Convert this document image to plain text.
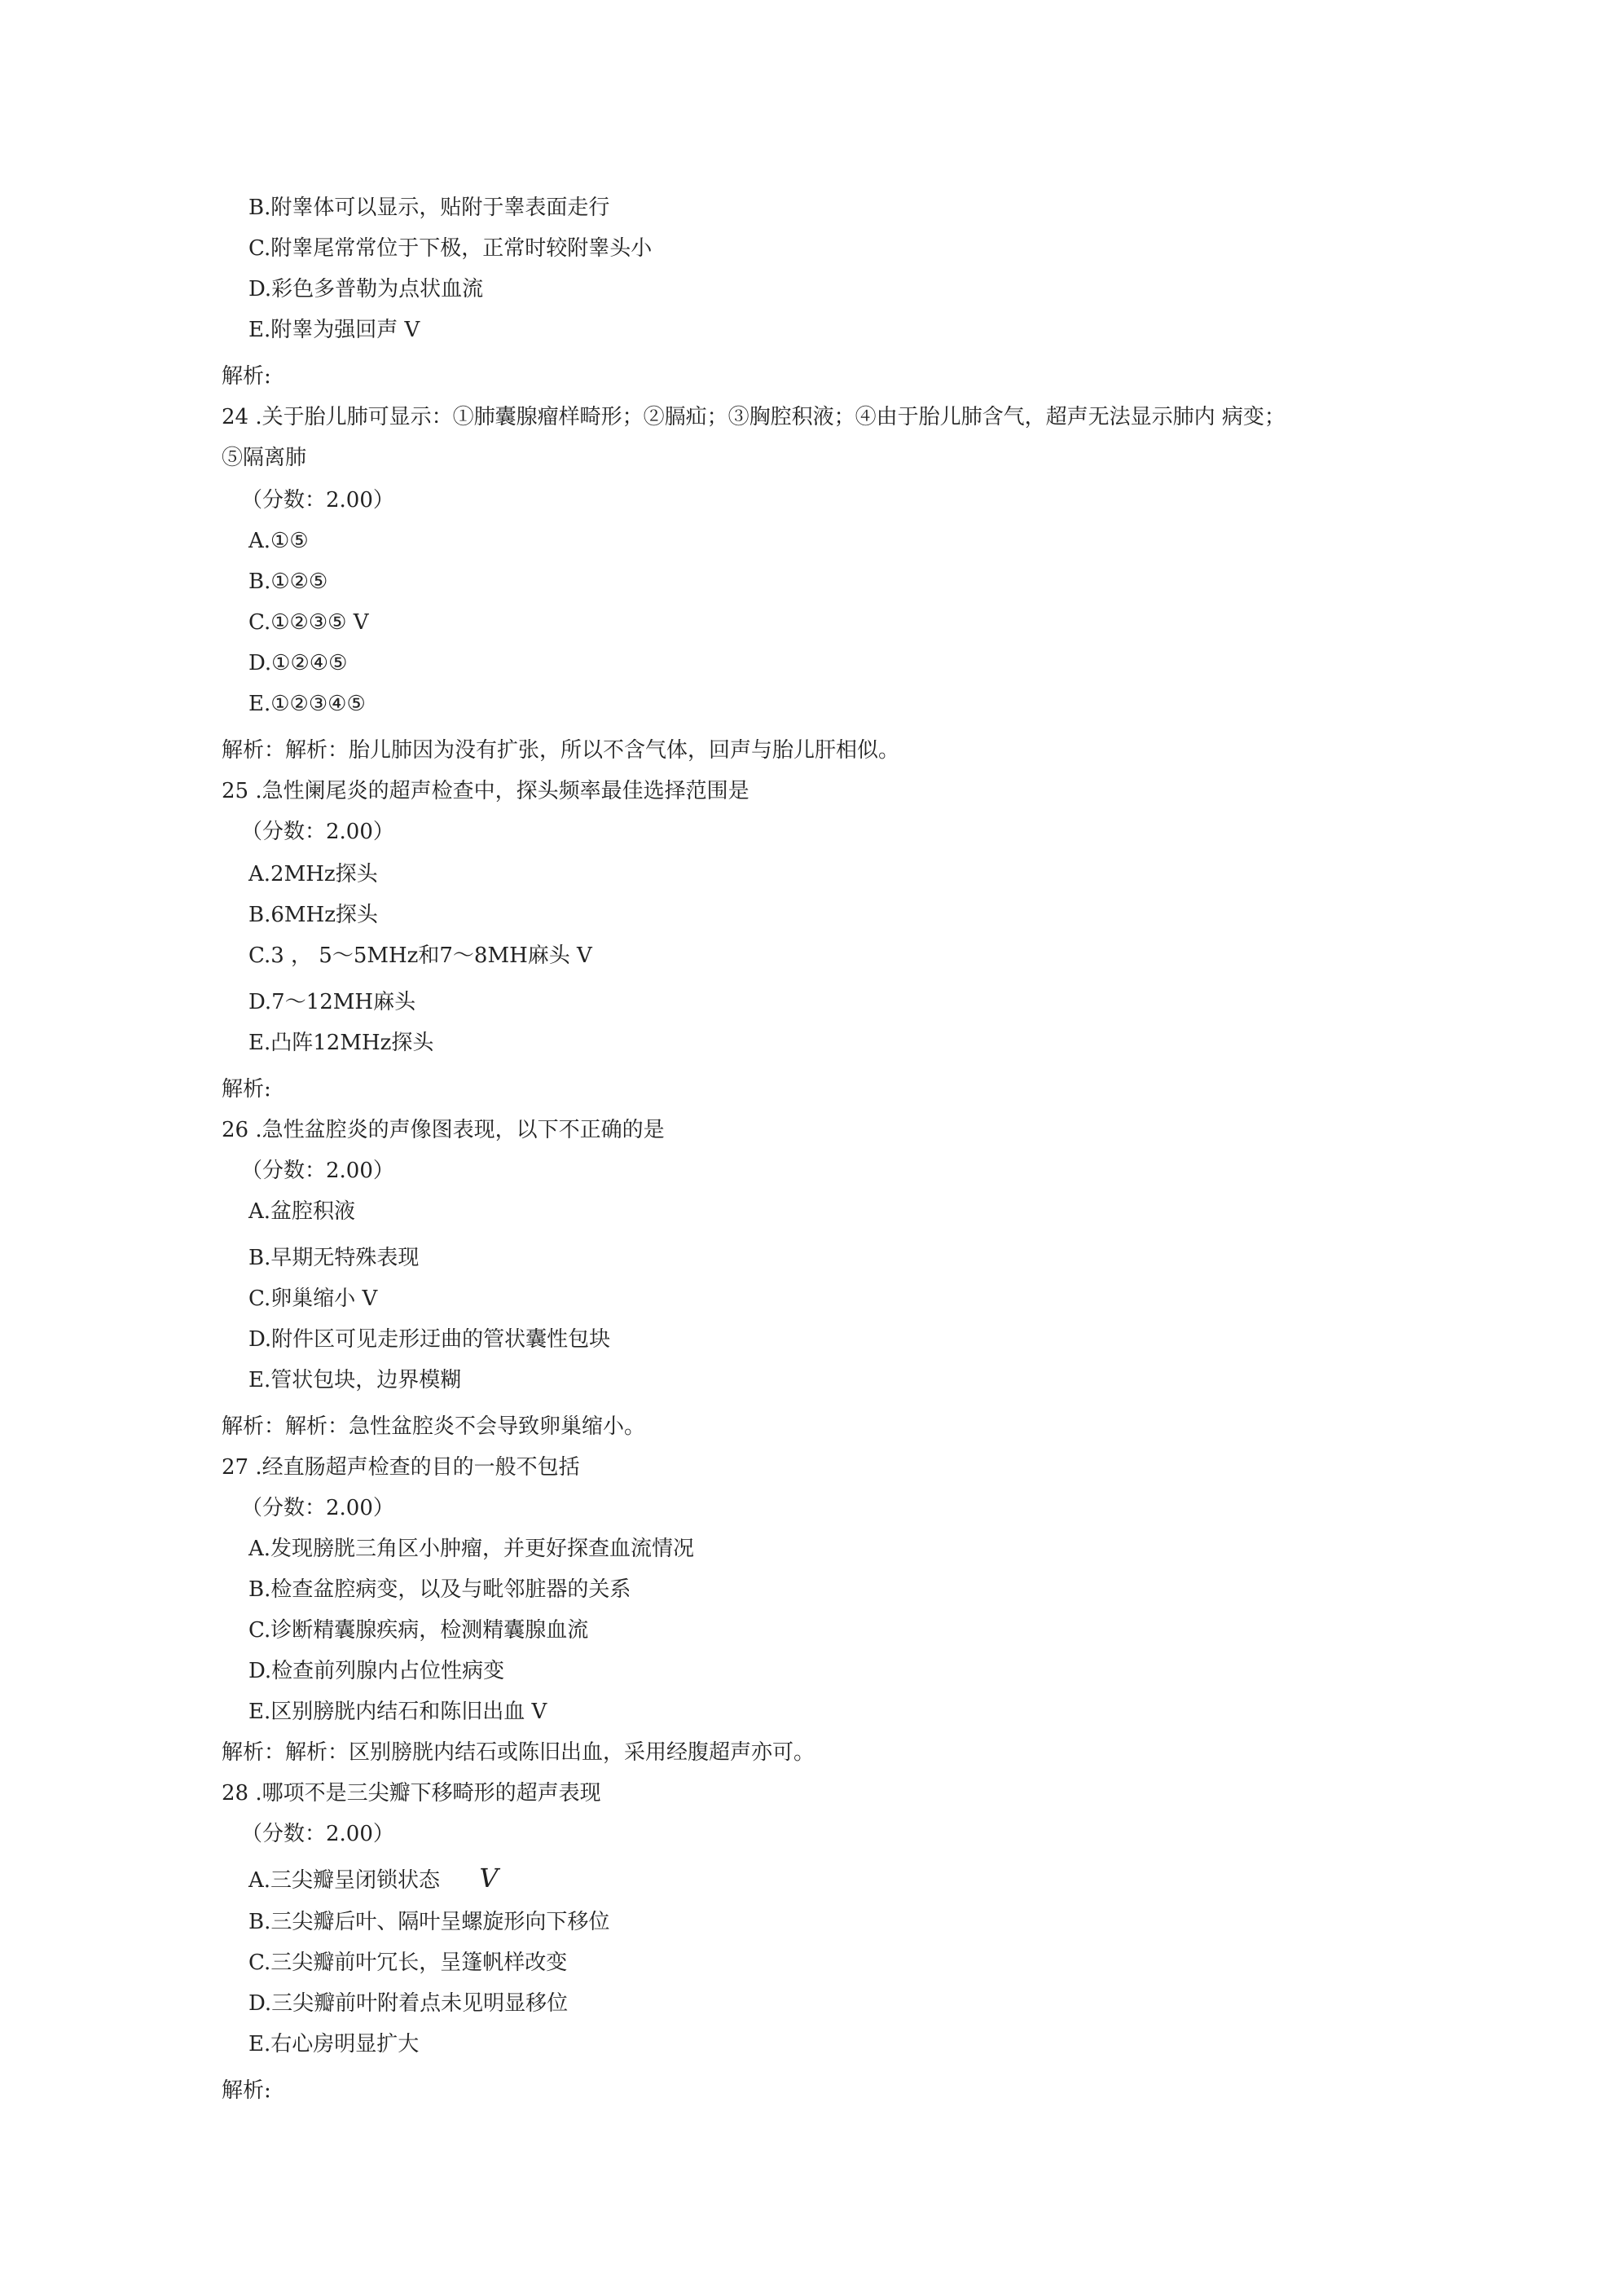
B.附睾体可以显示，贴附于睾表面走行
C.附睾尾常常位于下极，正常时较附睾头小
D.彩色多普勒为点状血流
E.附睾为强回声 V
解析:
24 .关于胎儿肺可显示：①肺囊腺瘤样畸形；②膈疝；③胸腔积液；④由于胎儿肺含气，超声无法显示肺内 病变；
⑤隔离肺
（分数：2.00）
A.①⑤
B.①②⑤
C.①②③⑤ V
D.①②④⑤
E.①②③④⑤
解析：解析：胎儿肺因为没有扩张，所以不含气体，回声与胎儿肝相似。
25 .急性阑尾炎的超声检查中，探头频率最佳选择范围是
（分数：2.00）
A.2MHz探头
B.6MHz探头
C.3 ， 5〜5MHz和7〜8MH麻头 V
D.7〜12MH麻头
E.凸阵12MHz探头
解析:
26 .急性盆腔炎的声像图表现，以下不正确的是
（分数：2.00）
A.盆腔积液
B.早期无特殊表现
C.卵巢缩小 V
D.附件区可见走形迂曲的管状囊性包块
E.管状包块，边界模糊
解析：解析：急性盆腔炎不会导致卵巢缩小。
27 .经直肠超声检查的目的一般不包括
（分数：2.00）
A.发现膀胱三角区小肿瘤，并更好探查血流情况
B.检查盆腔病变，以及与毗邻脏器的关系
C.诊断精囊腺疾病，检测精囊腺血流
D.检查前列腺内占位性病变
E.区别膀胱内结石和陈旧出血 V
解析：解析：区别膀胱内结石或陈旧出血，采用经腹超声亦可。
28 .哪项不是三尖瓣下移畸形的超声表现
（分数：2.00）
A.三尖瓣呈闭锁状态 V
B.三尖瓣后叶、隔叶呈螺旋形向下移位
C.三尖瓣前叶冗长，呈篷帆样改变
D.三尖瓣前叶附着点未见明显移位
E.右心房明显扩大
解析:
